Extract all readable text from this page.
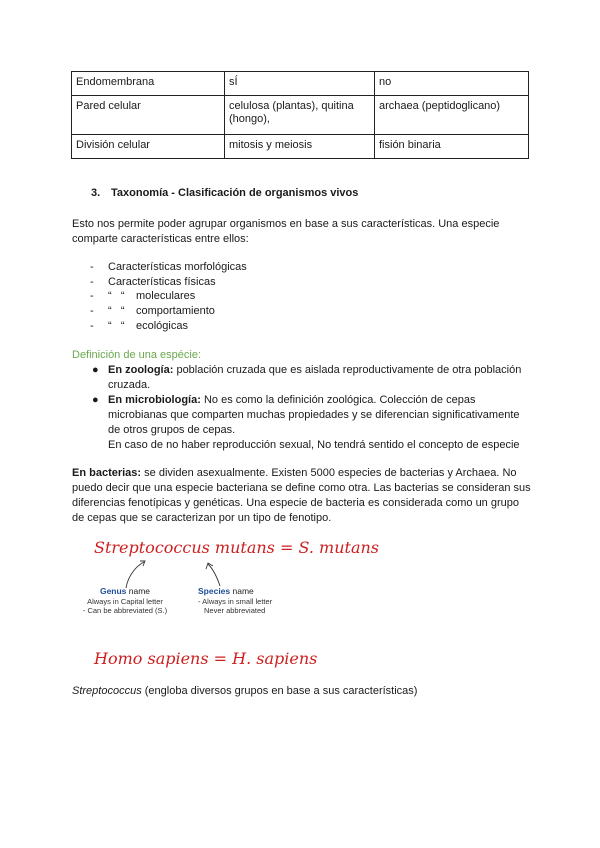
Endomembrana	sÍ	no
Pared celular	celulosa (plantas), quitina (hongo),	archaea (peptidoglicano)
División celular	mitosis y meiosis	fisión binaria
3. Taxonomía - Clasificación de organismos vivos
Esto nos permite poder agrupar organismos en base a sus características. Una especie comparte características entre ellos:
- Características morfológicas
- Características físicas
- “   “ moleculares
- “   “ comportamiento
- “   “ ecológicas
Definición de una espécie:
● En zoología: población cruzada que es aislada reproductivamente de otra población cruzada.
● En microbiología: No es como la definición zoológica. Colección de cepas microbianas que comparten muchas propiedades y se diferencian significativamente de otros grupos de cepas.
En caso de no haber reproducción sexual, No tendrá sentido el concepto de especie
En bacterias: se dividen asexualmente. Existen 5000 especies de bacterias y Archaea. No puedo decir que una especie bacteriana se define como otra. Las bacterias se consideran sus diferencias fenotípicas y genéticas. Una especie de bacteria es considerada como un grupo de cepas que se caracterizan por un tipo de fenotipo.
Streptococcus mutans = S. mutans
Genus name
Always in Capital letter
- Can be abbreviated (S.)
Species name
- Always in small letter
Never abbreviated
Homo sapiens = H. sapiens
Streptococcus (engloba diversos grupos en base a sus características)
